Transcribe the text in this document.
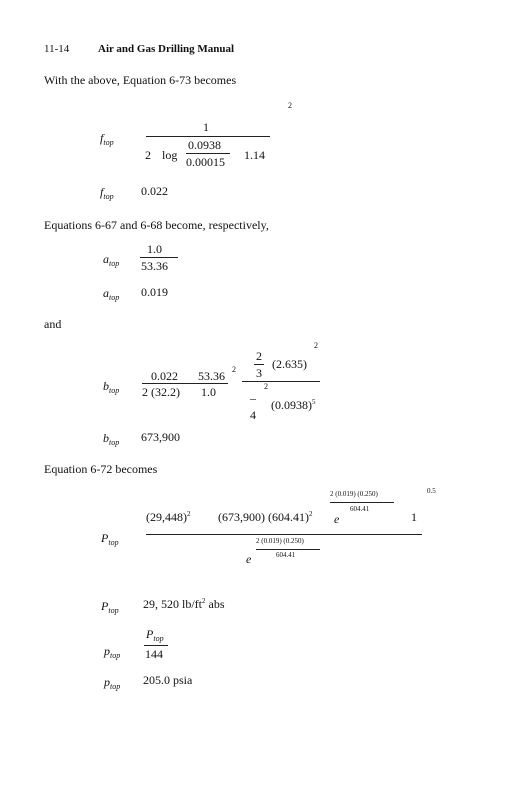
11-14	Air and Gas Drilling Manual
With the above, Equation 6-73 becomes
2
$f_{top}$
1
2 log
0.0938
0.00015 1.14
$f_{top}$ 0.022
Equations 6-67 and 6-68 become, respectively,
$a_{top}$
1.0
53.36
$a_{top}$ 0.019
and
2
$b_{top}$
0.022
2 (32.2)
53.36
1.0
2
2
3
(2.635)
2
–
4
$(0.0938)^5$
$b_{top}$ 673,900
Equation 6-72 becomes
0.5
$P_{top}$
$(29,448)^2$ (673,900) $(604.41)^2$ e
2 (0.019) (0.250)
604.41
1
e
2 (0.019) (0.250)
604.41
$P_{top}$ 29, 520 $lb/ft^2$ abs
$p_{top}$
$P_{top}$
144
$p_{top}$ 205.0 psia
